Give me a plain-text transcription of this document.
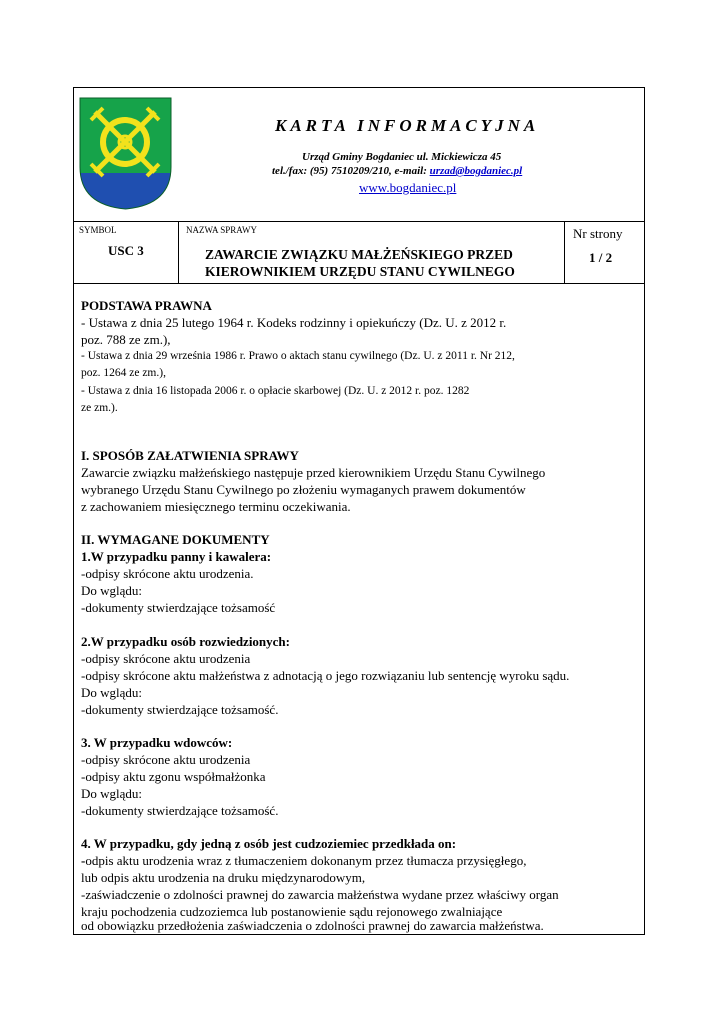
KARTA INFORMACYJNA
Urząd Gminy Bogdaniec ul. Mickiewicza 45
tel./fax: (95) 7510209/210, e-mail: urzad@bogdaniec.pl
www.bogdaniec.pl
SYMBOL
USC 3
NAZWA SPRAWY
ZAWARCIE ZWIĄZKU MAŁŻEŃSKIEGO PRZED
KIEROWNIKIEM URZĘDU STANU CYWILNEGO
Nr strony
1 / 2
PODSTAWA PRAWNA
- Ustawa z dnia 25 lutego 1964 r. Kodeks rodzinny i opiekuńczy (Dz. U. z 2012 r.
poz. 788 ze zm.),
- Ustawa z dnia 29 września 1986 r. Prawo o aktach stanu cywilnego (Dz. U. z 2011 r. Nr 212,
poz. 1264 ze zm.),
- Ustawa z dnia 16 listopada 2006 r. o opłacie skarbowej (Dz. U. z 2012 r. poz. 1282
ze zm.).
I. SPOSÓB ZAŁATWIENIA SPRAWY
Zawarcie związku małżeńskiego następuje przed kierownikiem Urzędu Stanu Cywilnego
wybranego Urzędu Stanu Cywilnego po złożeniu wymaganych prawem dokumentów
z zachowaniem miesięcznego terminu oczekiwania.
II. WYMAGANE DOKUMENTY
1.W przypadku panny i kawalera:
-odpisy skrócone aktu urodzenia.
Do wglądu:
-dokumenty stwierdzające tożsamość
2.W przypadku osób rozwiedzionych:
-odpisy skrócone aktu urodzenia
-odpisy skrócone aktu małżeństwa z adnotacją o jego rozwiązaniu lub sentencję wyroku sądu.
Do wglądu:
-dokumenty stwierdzające tożsamość.
3. W przypadku wdowców:
-odpisy skrócone aktu urodzenia
-odpisy aktu zgonu współmałżonka
Do wglądu:
-dokumenty stwierdzające tożsamość.
4. W przypadku, gdy jedną z osób jest cudzoziemiec przedkłada on:
-odpis aktu urodzenia wraz z tłumaczeniem dokonanym przez tłumacza przysięgłego,
lub odpis aktu urodzenia na druku międzynarodowym,
-zaświadczenie o zdolności prawnej do zawarcia małżeństwa wydane przez właściwy organ
kraju pochodzenia cudzoziemca lub postanowienie sądu rejonowego zwalniające
od obowiązku przedłożenia zaświadczenia o zdolności prawnej do zawarcia małżeństwa.
